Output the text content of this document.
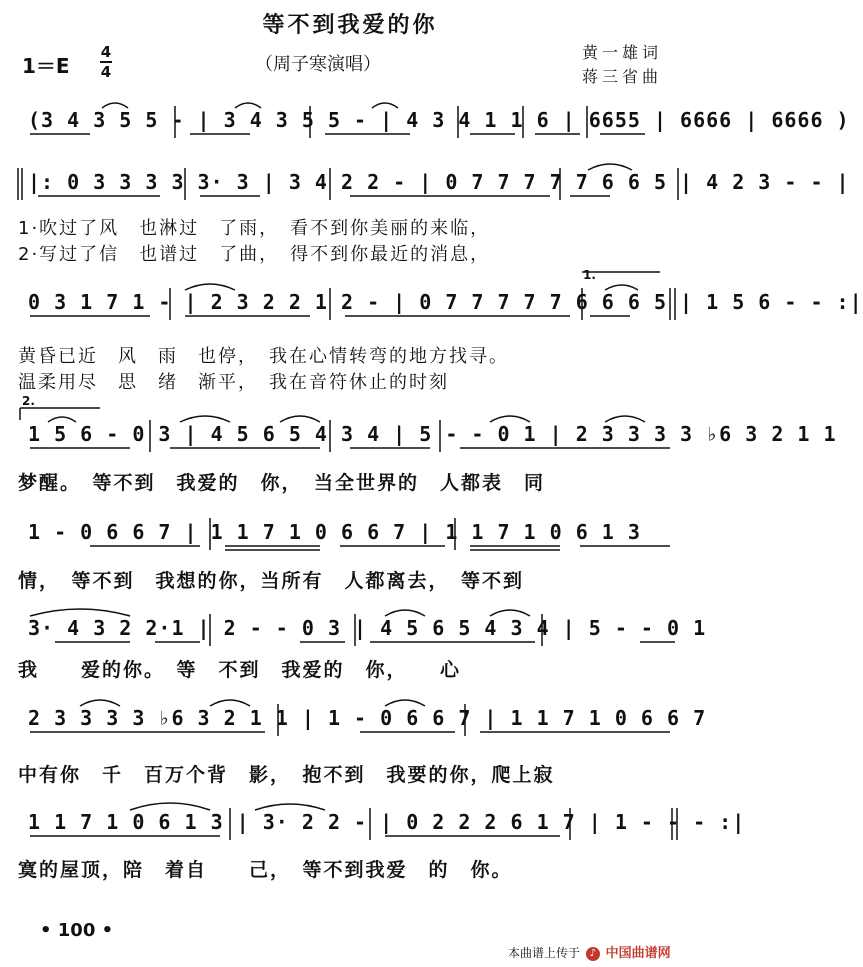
等不到我爱的你
1＝E
4
4	（周子寒演唱）
黄一雄词
蒋三省曲
(3 4 3 5 5 - | 3 4 3 5 5 - | 4 3 4 1 1 6 | 6655 | 6666 | 6666 )
|: 0 3 3 3 3 3· 3 | 3 4 2 2 - | 0 7 7 7 7 7 6 6 5 | 4 2 3 - - |
1·吹过了风　也淋过　了雨，　看不到你美丽的来临，
2·写过了信　也谱过　了曲，　得不到你最近的消息，
0 3 1 7 1 - | 2 3 2 2 1 2 - | 0 7 7 7 7 7 6 6 6 5 | 1 5 6 - - :|
1.
黄昏已近　风　雨　也停，　我在心情转弯的地方找寻。
温柔用尽　思　绪　渐平，　我在音符休止的时刻
1 5 6 - 0 3 | 4 5 6 5 4 3 4 | 5 - - 0 1 | 2 3 3 3 3 ♭6 3 2 1 1
2.
梦醒。　等不到　我爱的　你，　当全世界的　人都表　同
1 - 0 6 6 7 | 1 1 7 1 0 6 6 7 | 1 1 7 1 0 6 1 3
情，　等不到　我想的你，当所有　人都离去，　等不到
3· 4 3 2 2·1 | 2 - - 0 3 | 4 5 6 5 4 3 4 | 5 - - 0 1
我　　爱的你。　等　不到　我爱的　你，　　心
2 3 3 3 3 ♭6 3 2 1 1 | 1 - 0 6 6 7 | 1 1 7 1 0 6 6 7
中有你　千　百万个背　影，　抱不到　我要的你，爬上寂
1 1 7 1 0 6 1 3 | 3· 2 2 - | 0 2 2 2 6 1 7 | 1 - - - :|
寞的屋顶，陪　着自　　己，　等不到我爱　的　你。
• 100 •
本曲谱上传于 ♪ 中国曲谱网
